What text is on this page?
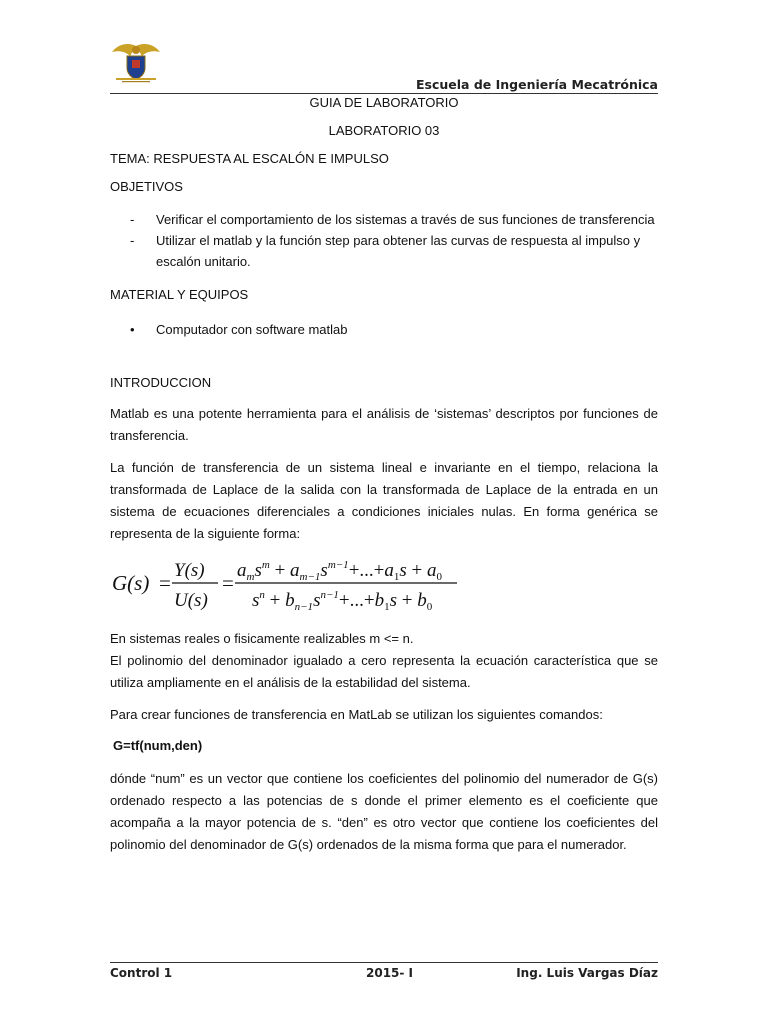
Escuela de Ingeniería Mecatrónica
GUIA DE LABORATORIO
LABORATORIO 03
TEMA: RESPUESTA AL ESCALÓN E IMPULSO
OBJETIVOS
- Verificar el comportamiento de los sistemas a través de sus funciones de transferencia
- Utilizar el matlab y la función step para obtener las curvas de respuesta al impulso y escalón unitario.
MATERIAL Y EQUIPOS
• Computador con software matlab
INTRODUCCION

Matlab es una potente herramienta para el análisis de ‘sistemas’ descriptos por funciones de transferencia.

La función de transferencia de un sistema lineal e invariante en el tiempo, relaciona la transformada de Laplace de la salida con la transformada de Laplace de la entrada en un sistema de ecuaciones diferenciales a condiciones iniciales nulas. En forma genérica se representa de la siguiente forma:

G(s) =
Y(s)
U(s)
=
$a_ms^m + a_{m-1}s^{m-1}+...+a_1s + a_0$
$s^n + b_{n-1}s^{n-1}+...+b_1s + b_0$

En sistemas reales o fisicamente realizables m <= n.

El polinomio del denominador igualado a cero representa la ecuación característica que se utiliza ampliamente en el análisis de la estabilidad del sistema.

Para crear funciones de transferencia en MatLab se utilizan los siguientes comandos:

G=tf(num,den)

dónde “num” es un vector que contiene los coeficientes del polinomio del numerador de G(s) ordenado respecto a las potencias de s donde el primer elemento es el coeficiente que acompaña a la mayor potencia de s. “den” es otro vector que contiene los coeficientes del polinomio del denominador de G(s) ordenados de la misma forma que para el numerador.

Control 1	2015- I	Ing. Luis Vargas Díaz
